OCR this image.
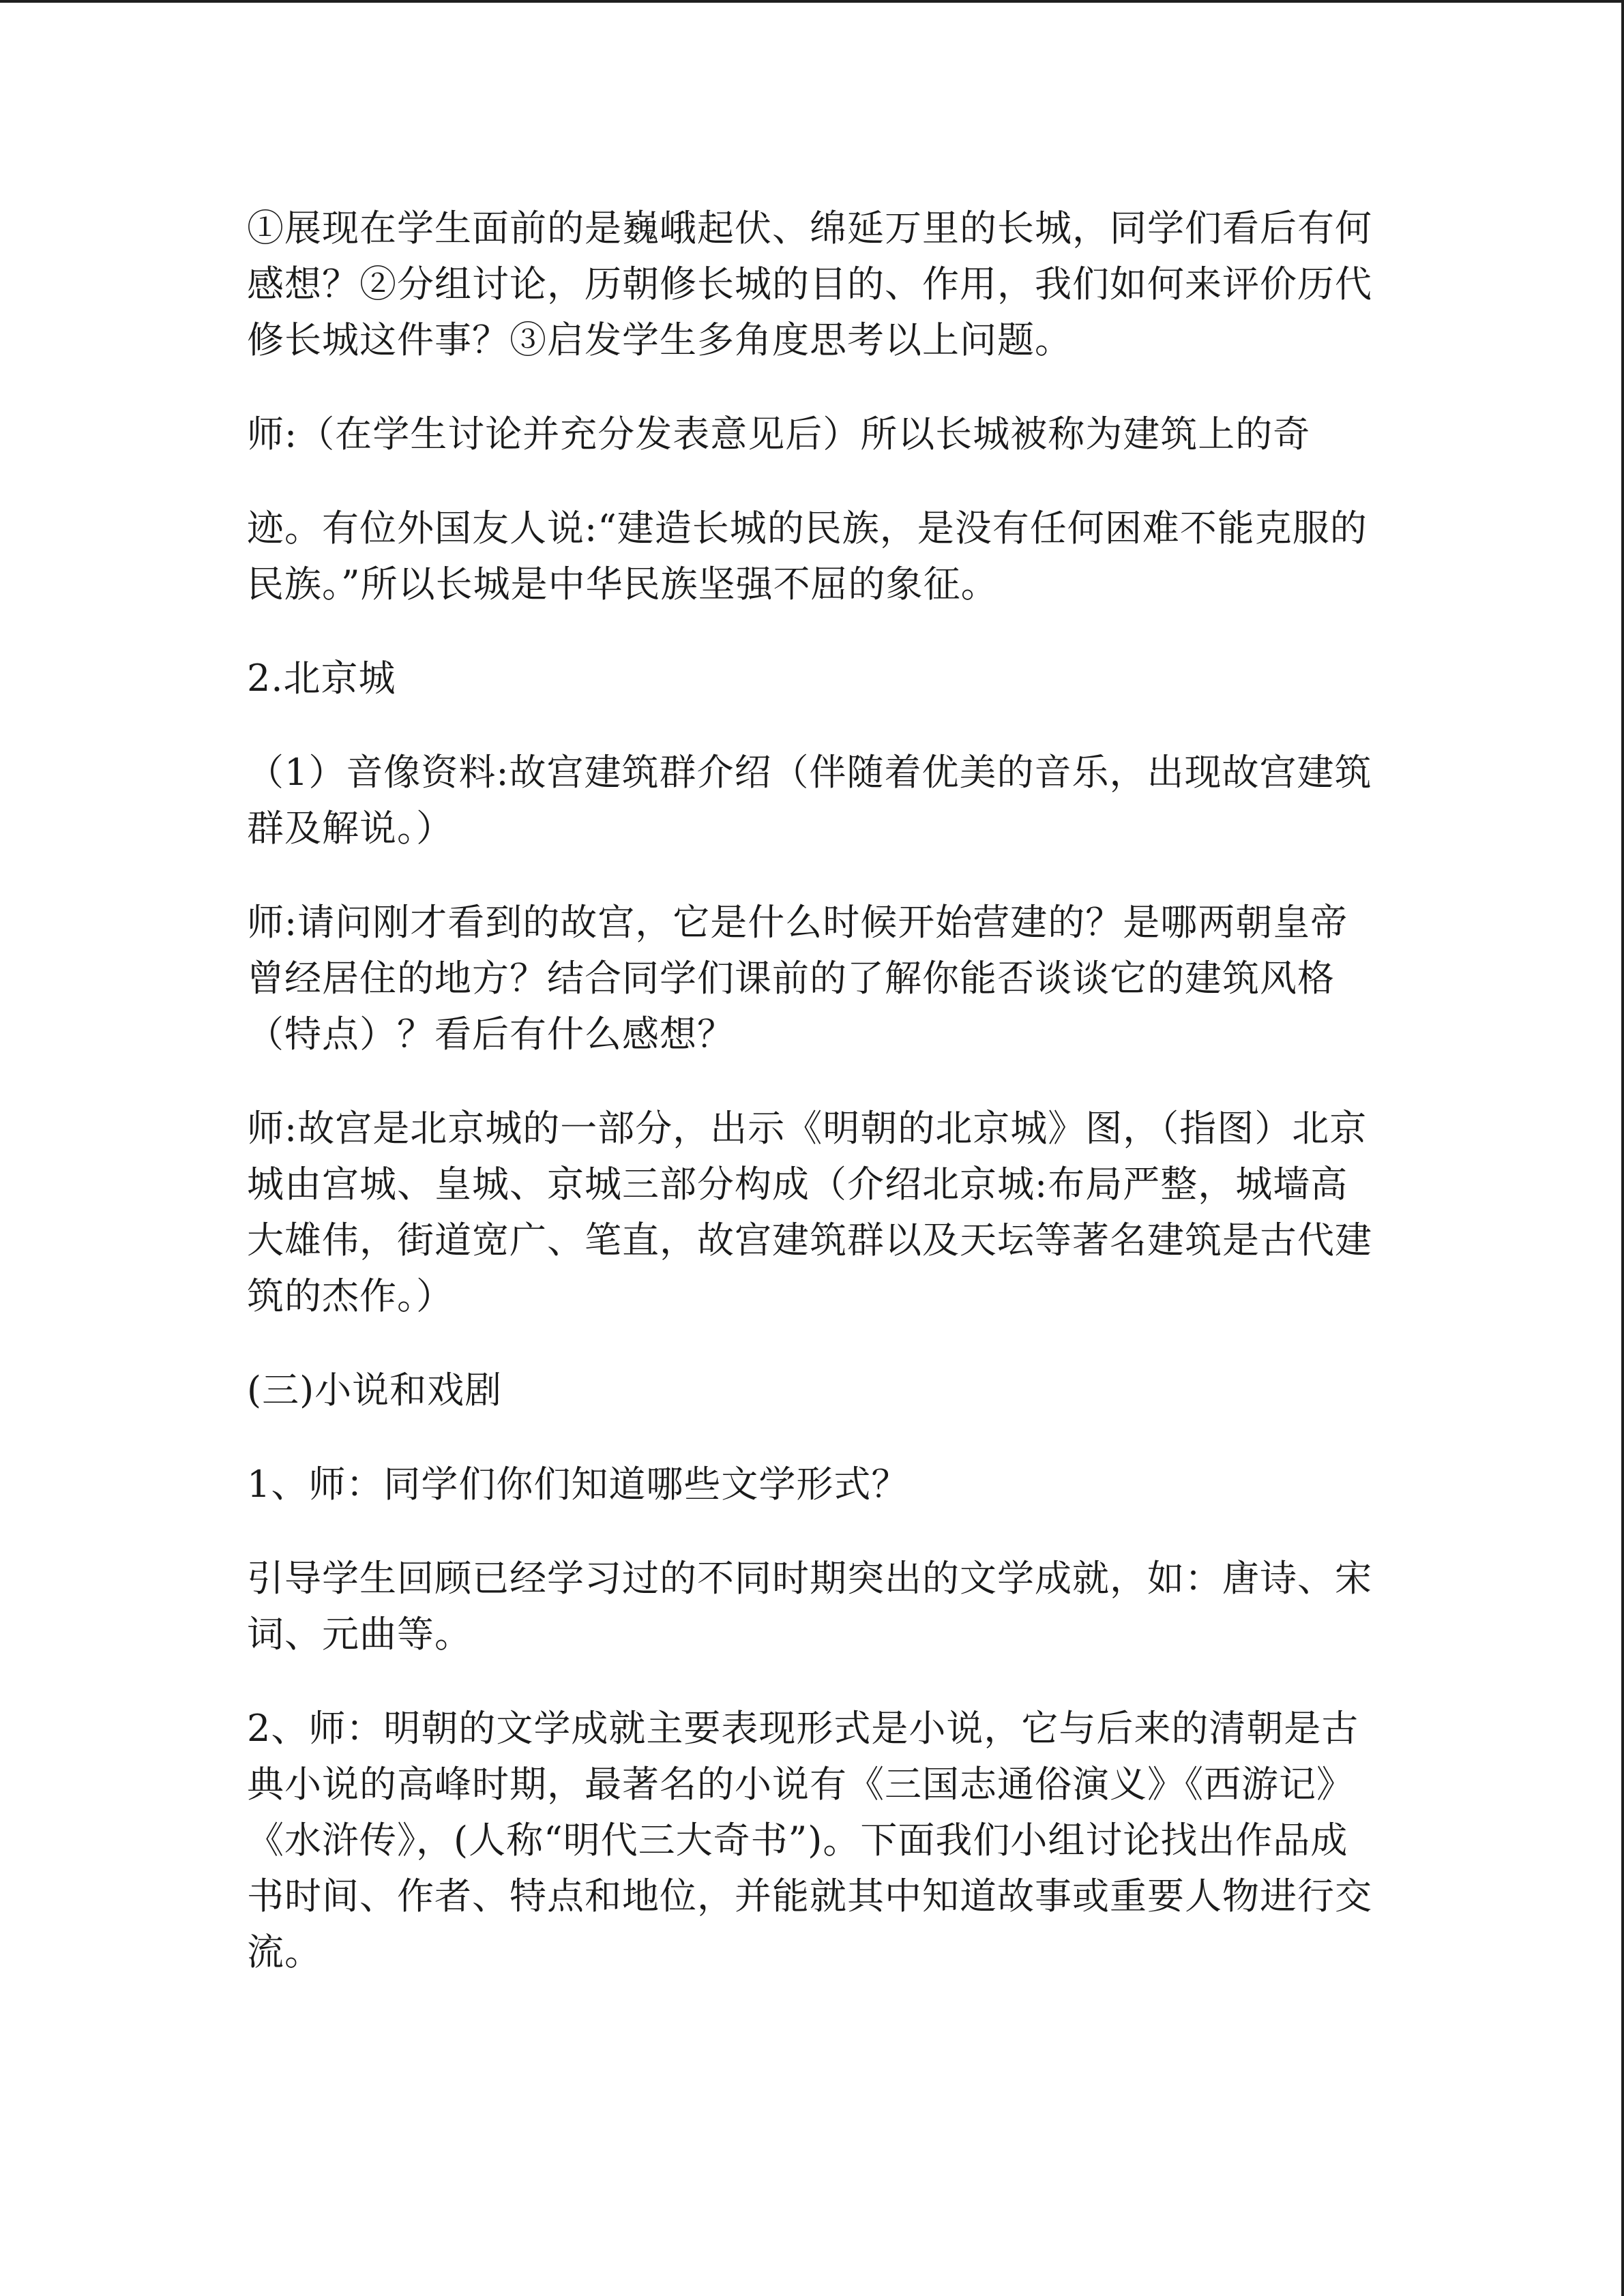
①展现在学生面前的是巍峨起伏、绵延万里的长城，同学们看后有何感想？②分组讨论，历朝修长城的目的、作用，我们如何来评价历代修长城这件事？③启发学生多角度思考以上问题。

师:（在学生讨论并充分发表意见后）所以长城被称为建筑上的奇

迹。有位外国友人说:“建造长城的民族，是没有任何困难不能克服的民族。”所以长城是中华民族坚强不屈的象征。

2.北京城

（1）音像资料:故宫建筑群介绍（伴随着优美的音乐，出现故宫建筑群及解说。）

师:请问刚才看到的故宫，它是什么时候开始营建的？是哪两朝皇帝曾经居住的地方？结合同学们课前的了解你能否谈谈它的建筑风格（特点）？看后有什么感想？

师:故宫是北京城的一部分，出示《明朝的北京城》图，（指图）北京城由宫城、皇城、京城三部分构成（介绍北京城:布局严整，城墙高大雄伟，街道宽广、笔直，故宫建筑群以及天坛等著名建筑是古代建筑的杰作。）

(三)小说和戏剧

1、师：同学们你们知道哪些文学形式？

引导学生回顾已经学习过的不同时期突出的文学成就，如：唐诗、宋词、元曲等。

2、师：明朝的文学成就主要表现形式是小说，它与后来的清朝是古典小说的高峰时期，最著名的小说有《三国志通俗演义》《西游记》《水浒传》，(人称“明代三大奇书”)。下面我们小组讨论找出作品成书时间、作者、特点和地位，并能就其中知道故事或重要人物进行交流。
